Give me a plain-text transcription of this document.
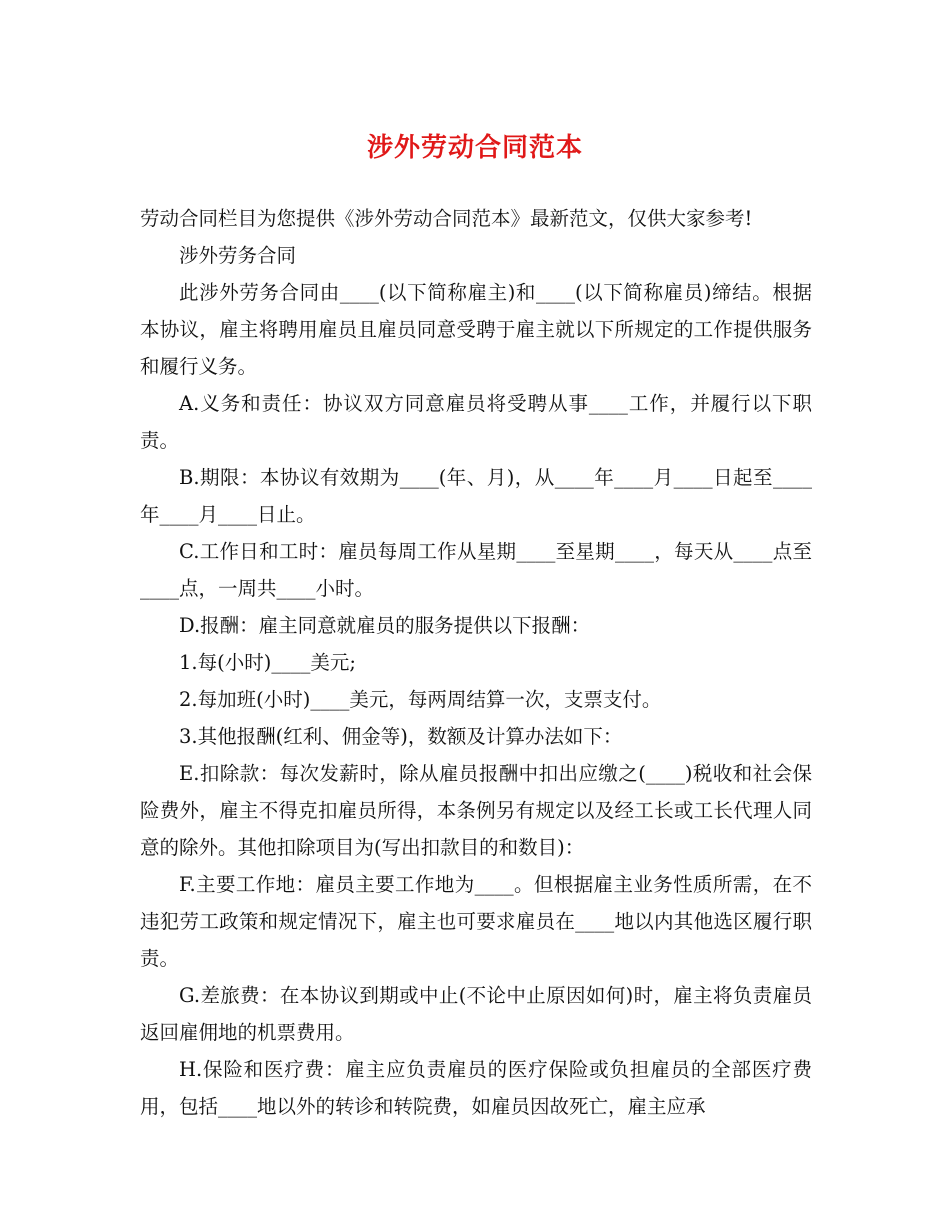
涉外劳动合同范本

劳动合同栏目为您提供《涉外劳动合同范本》最新范文，仅供大家参考!

涉外劳务合同

此涉外劳务合同由____(以下简称雇主)和____(以下简称雇员)缔结。根据本协议，雇主将聘用雇员且雇员同意受聘于雇主就以下所规定的工作提供服务和履行义务。

A.义务和责任：协议双方同意雇员将受聘从事____工作，并履行以下职责。

B.期限：本协议有效期为____(年、月)，从____年____月____日起至____年____月____日止。

C.工作日和工时：雇员每周工作从星期____至星期____，每天从____点至____点，一周共____小时。

D.报酬：雇主同意就雇员的服务提供以下报酬：

1.每(小时)____美元;

2.每加班(小时)____美元，每两周结算一次，支票支付。

3.其他报酬(红利、佣金等)，数额及计算办法如下：

E.扣除款：每次发薪时，除从雇员报酬中扣出应缴之(____)税收和社会保险费外，雇主不得克扣雇员所得，本条例另有规定以及经工长或工长代理人同意的除外。其他扣除项目为(写出扣款目的和数目)：

F.主要工作地：雇员主要工作地为____。但根据雇主业务性质所需，在不违犯劳工政策和规定情况下，雇主也可要求雇员在____地以内其他选区履行职责。

G.差旅费：在本协议到期或中止(不论中止原因如何)时，雇主将负责雇员返回雇佣地的机票费用。

H.保险和医疗费：雇主应负责雇员的医疗保险或负担雇员的全部医疗费用，包括____地以外的转诊和转院费，如雇员因故死亡，雇主应承
